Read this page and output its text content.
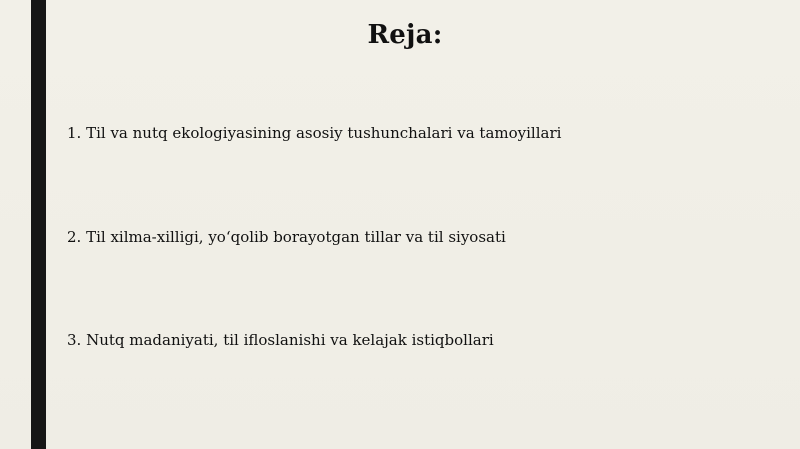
Reja:
1. Til va nutq ekologiyasining asosiy tushunchalari va tamoyillari
2. Til xilma-xilligi, yo‘qolib borayotgan tillar va til siyosati
3. Nutq madaniyati, til ifloslanishi va kelajak istiqbollari
